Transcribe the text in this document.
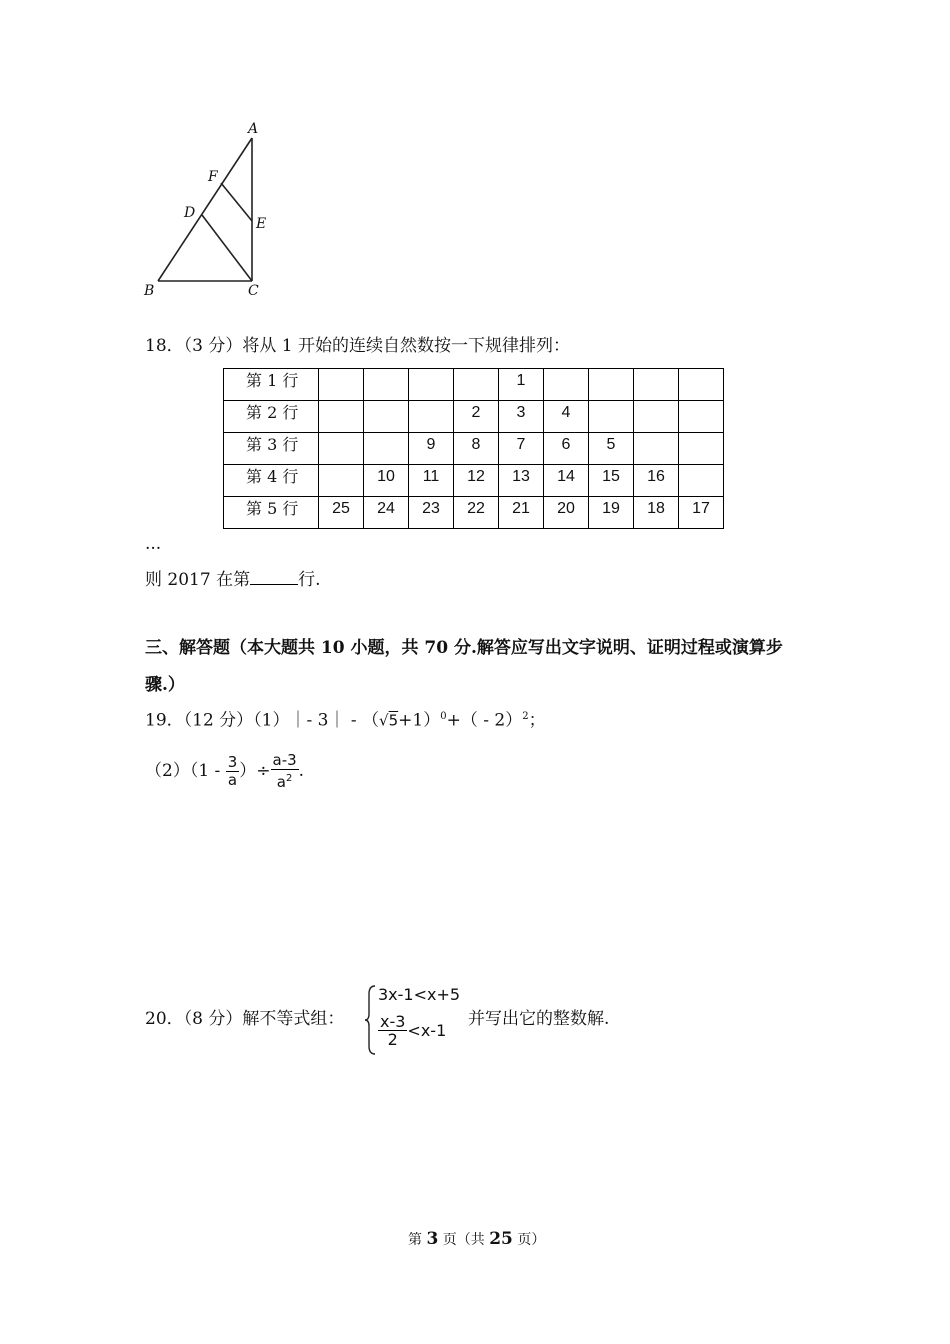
A
F
D
E
B	C
18．（3 分）将从 1 开始的连续自然数按一下规律排列：
第 1 行					1				
第 2 行				2	3	4			
第 3 行			9	8	7	6	5		
第 4 行		10	11	12	13	14	15	16	
第 5 行	25	24	23	22	21	20	19	18	17
...
则 2017 在第	行.
三、解答题（本大题共 10 小题，共 70 分.解答应写出文字说明、证明过程或演算步
骤.）
19．（12 分）（1）｜- 3｜ - $(√5+1)^0+( - 2)^2$；
$(2)(1 - \frac{3}{a}$ ）÷ $\frac{a-3}{a^2}$ .
20．（8 分）解不等式组：
3x-1<x+5
$\frac{x-3}{2} <x-1$
并写出它的整数解.
第 3 页（共 25 页）
